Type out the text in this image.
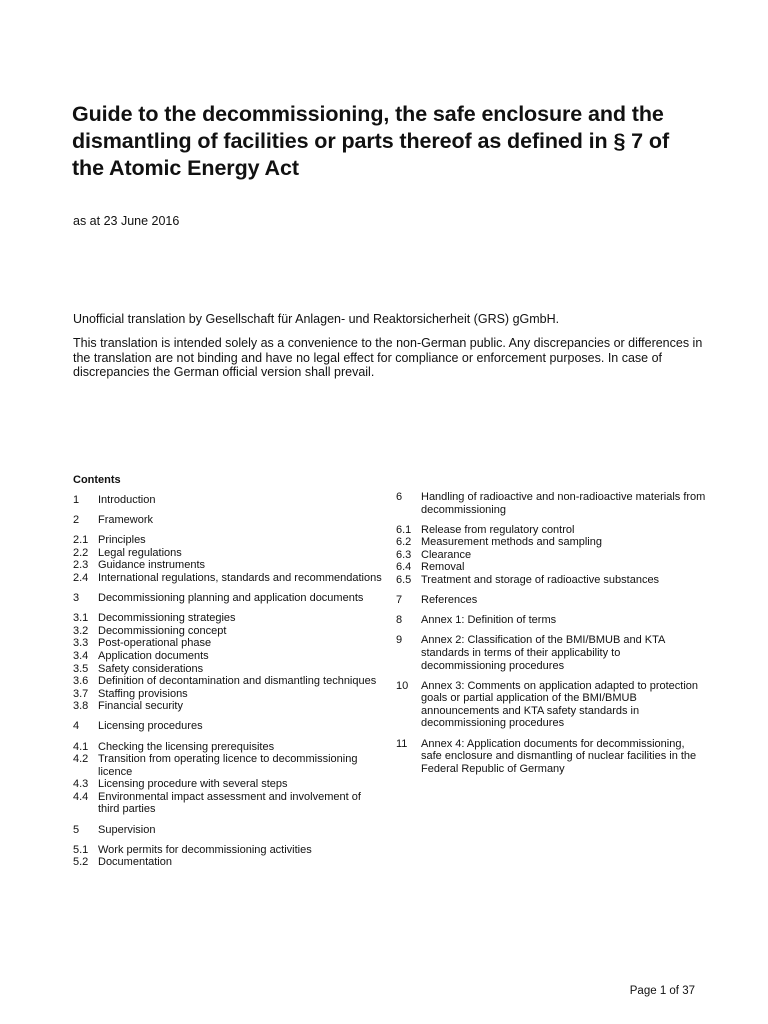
Guide to the decommissioning, the safe enclosure and the dismantling of facilities or parts thereof as defined in § 7 of the Atomic Energy Act

as at 23 June 2016

Unofficial translation by Gesellschaft für Anlagen- und Reaktorsicherheit (GRS) gGmbH.

This translation is intended solely as a convenience to the non-German public. Any discrepancies or differences in the translation are not binding and have no legal effect for compliance or enforcement purposes. In case of discrepancies the German official version shall prevail.

Contents

1	Introduction
2	Framework
2.1 Principles
2.2 Legal regulations
2.3 Guidance instruments
2.4 International regulations, standards and recommendations
3	Decommissioning planning and application documents
3.1 Decommissioning strategies
3.2 Decommissioning concept
3.3 Post-operational phase
3.4 Application documents
3.5 Safety considerations
3.6 Definition of decontamination and dismantling techniques
3.7 Staffing provisions
3.8 Financial security
4	Licensing procedures
4.1 Checking the licensing prerequisites
4.2 Transition from operating licence to decommissioning licence
4.3 Licensing procedure with several steps
4.4 Environmental impact assessment and involvement of third parties
5	Supervision
5.1 Work permits for decommissioning activities
5.2 Documentation
6	Handling of radioactive and non-radioactive materials from decommissioning
6.1 Release from regulatory control
6.2 Measurement methods and sampling
6.3 Clearance
6.4 Removal
6.5 Treatment and storage of radioactive substances
7	References
8	Annex 1: Definition of terms
9	Annex 2: Classification of the BMI/BMUB and KTA standards in terms of their applicability to decommissioning procedures
10	Annex 3: Comments on application adapted to protection goals or partial application of the BMI/BMUB announcements and KTA safety standards in decommissioning procedures
11	Annex 4: Application documents for decommissioning, safe enclosure and dismantling of nuclear facilities in the Federal Republic of Germany

Page 1 of 37
